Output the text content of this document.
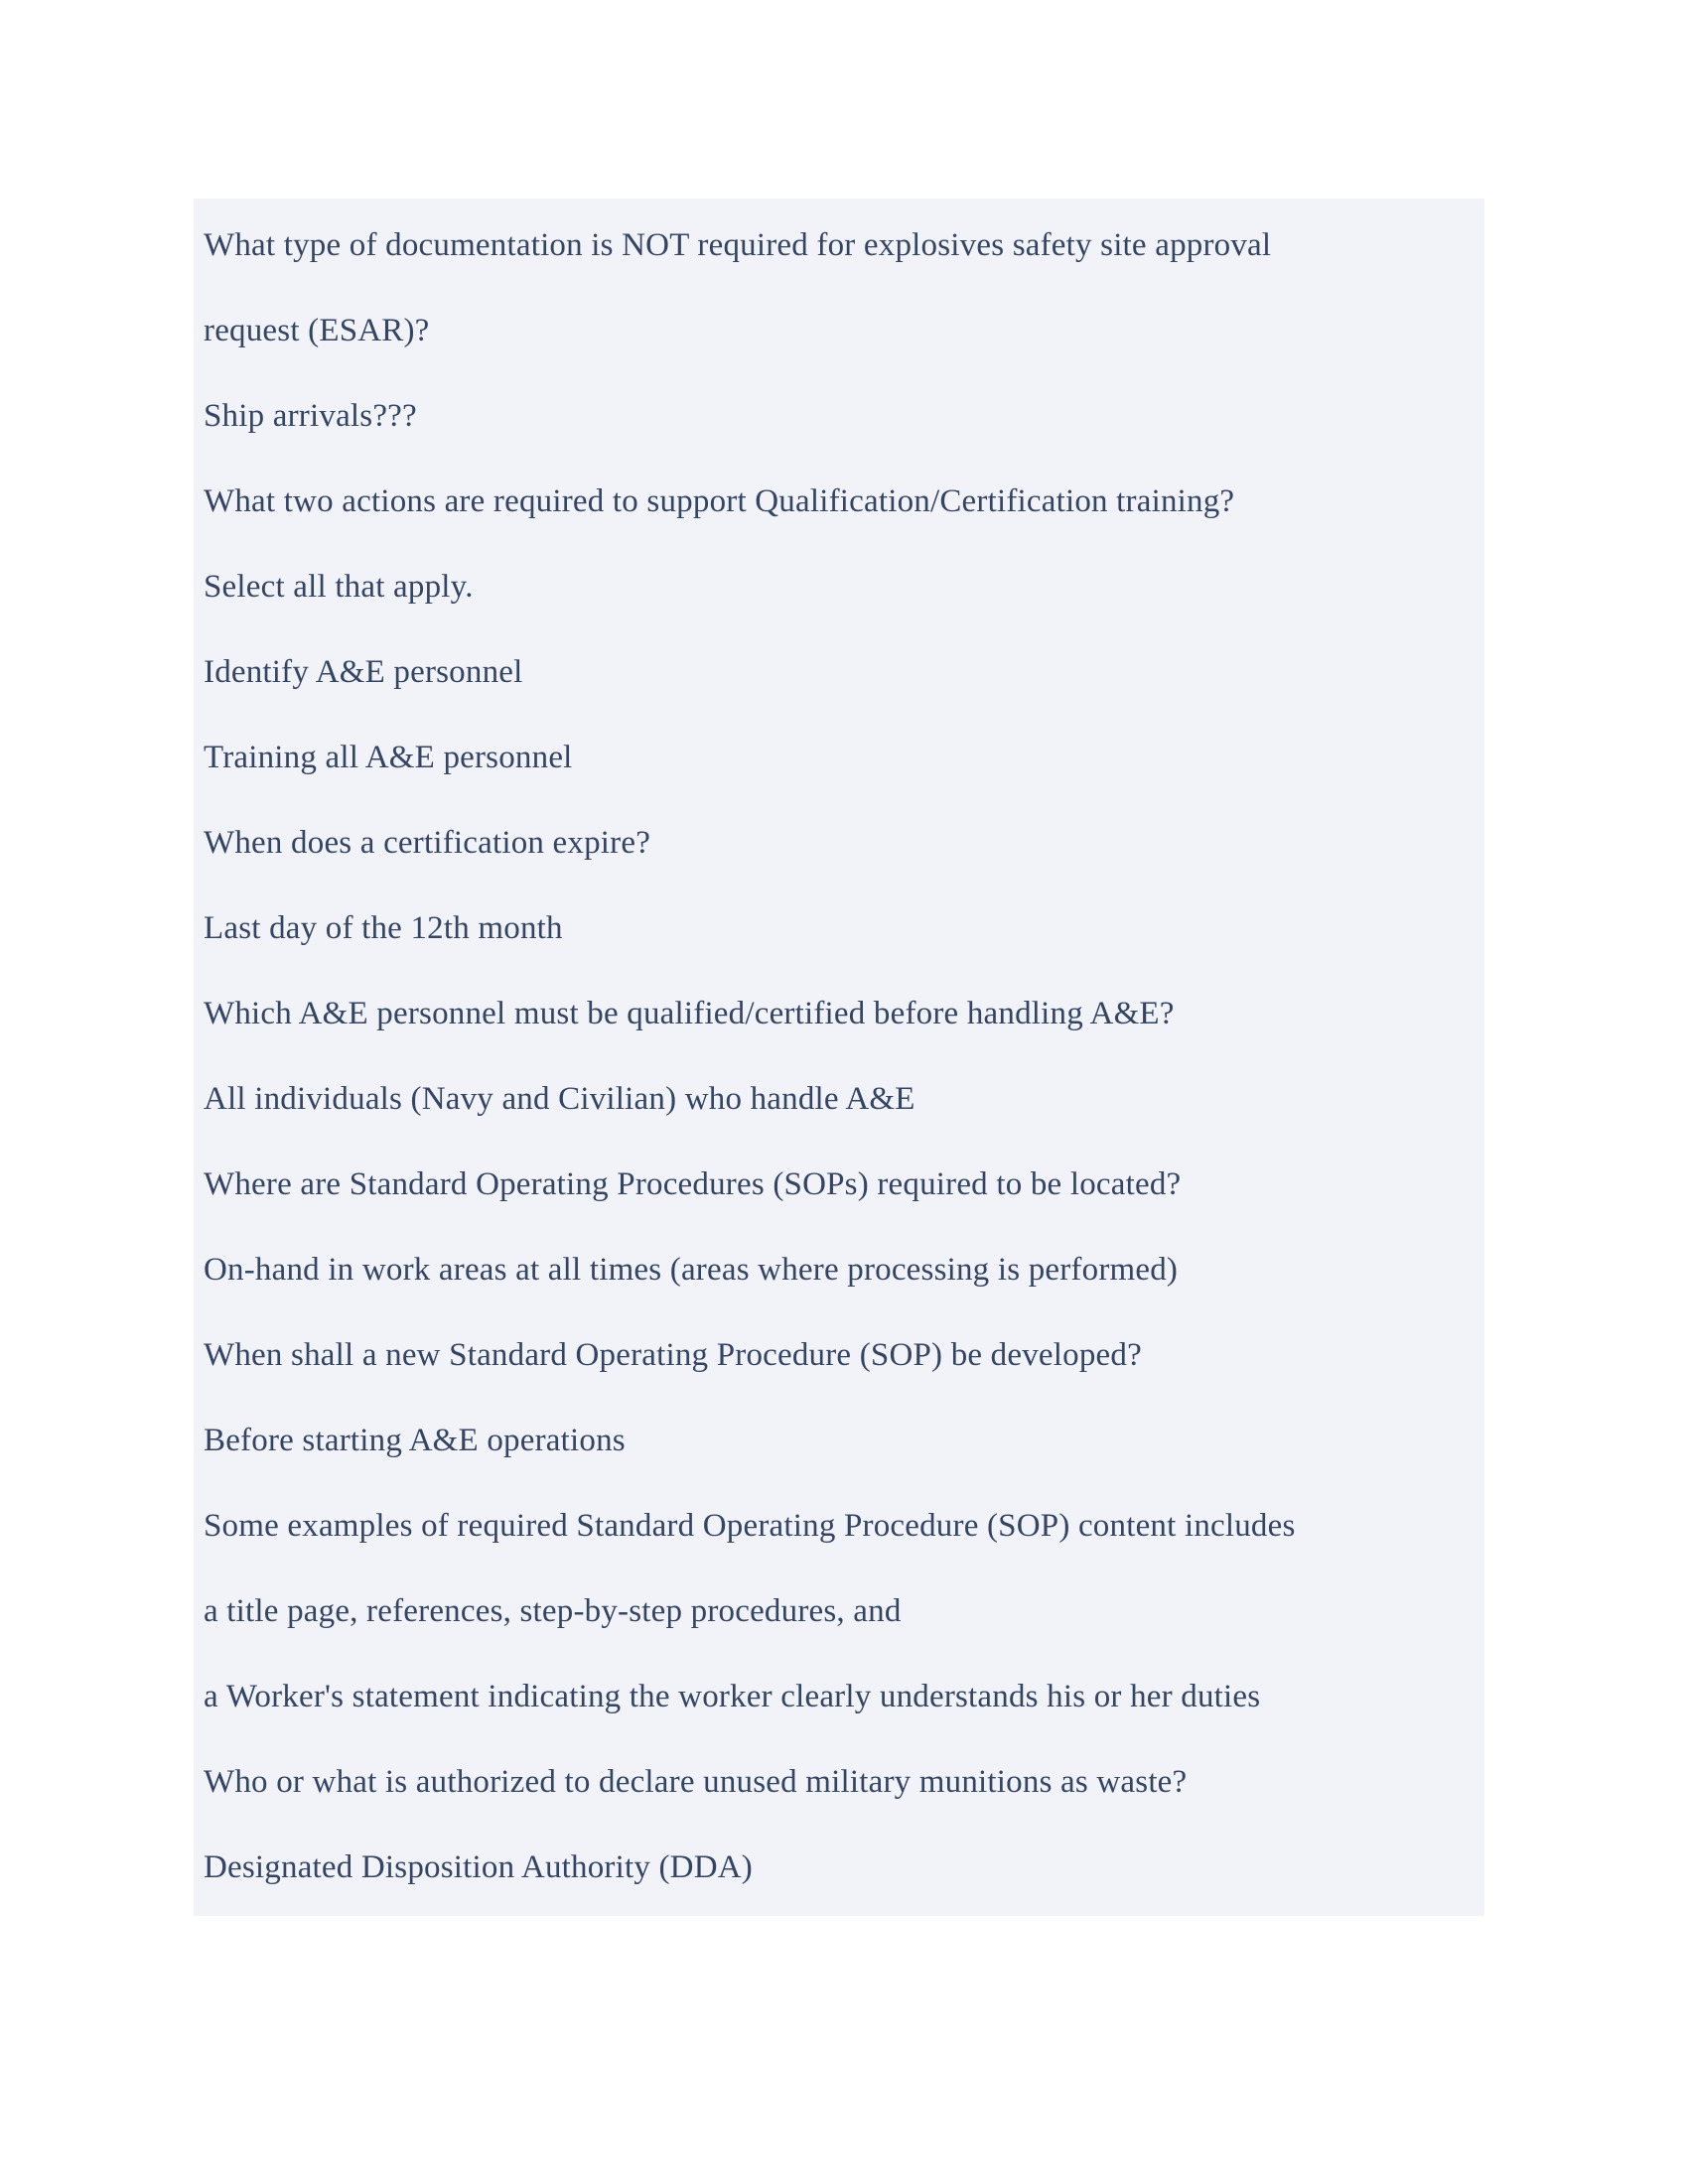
What type of documentation is NOT required for explosives safety site approval
request (ESAR)?
Ship arrivals???
What two actions are required to support Qualification/Certification training?
Select all that apply.
Identify A&E personnel
Training all A&E personnel
When does a certification expire?
Last day of the 12th month
Which A&E personnel must be qualified/certified before handling A&E?
All individuals (Navy and Civilian) who handle A&E
Where are Standard Operating Procedures (SOPs) required to be located?
On-hand in work areas at all times (areas where processing is performed)
When shall a new Standard Operating Procedure (SOP) be developed?
Before starting A&E operations
Some examples of required Standard Operating Procedure (SOP) content includes
a title page, references, step-by-step procedures, and
a Worker's statement indicating the worker clearly understands his or her duties
Who or what is authorized to declare unused military munitions as waste?
Designated Disposition Authority (DDA)
